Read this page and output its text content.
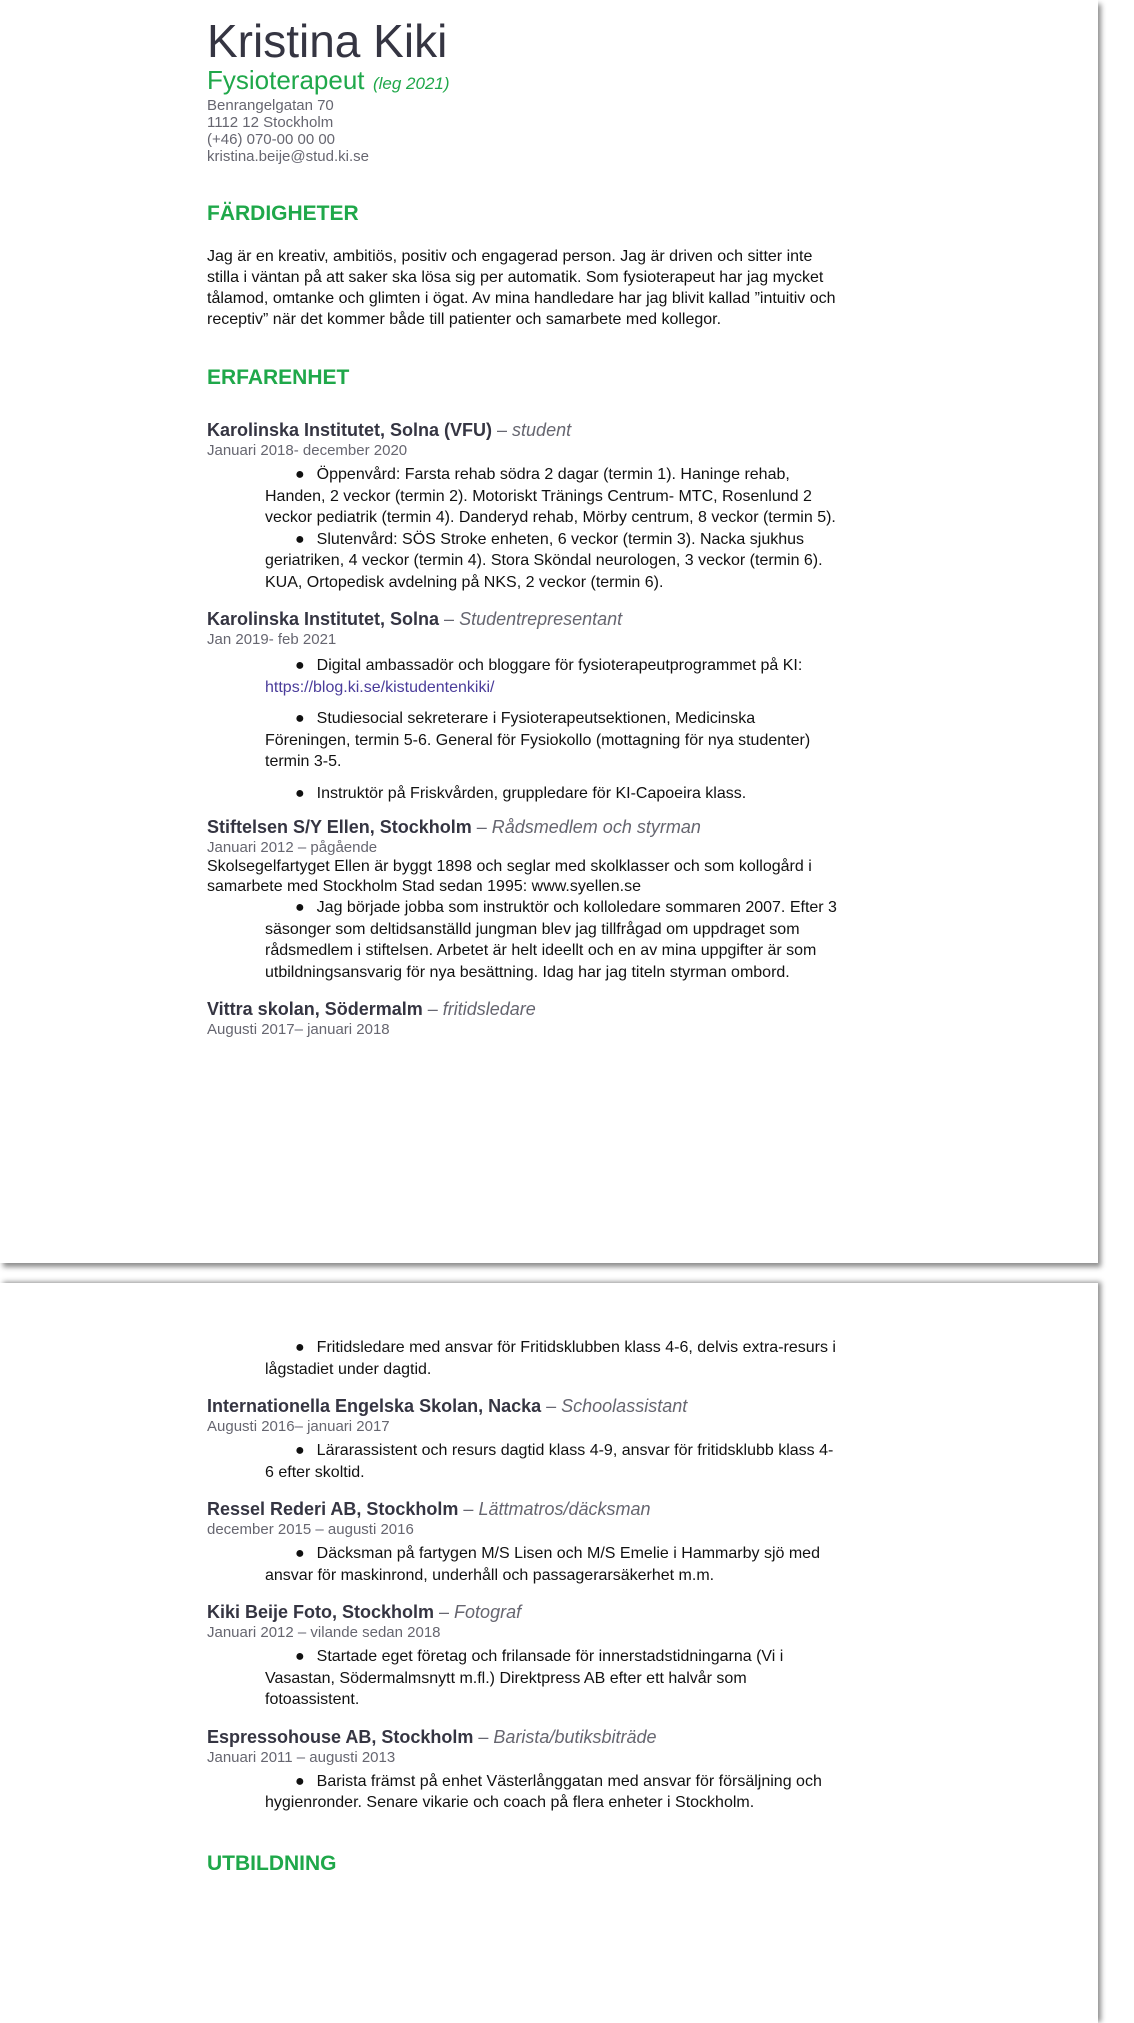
Kristina Kiki
Fysioterapeut (leg 2021)
Benrangelgatan 70
1112 12 Stockholm
(+46) 070-00 00 00
kristina.beije@stud.ki.se
FÄRDIGHETER

Jag är en kreativ, ambitiös, positiv och engagerad person. Jag är driven och sitter inte stilla i väntan på att saker ska lösa sig per automatik. Som fysioterapeut har jag mycket tålamod, omtanke och glimten i ögat. Av mina handledare har jag blivit kallad ”intuitiv och receptiv” när det kommer både till patienter och samarbete med kollegor.

ERFARENHET
Karolinska Institutet, Solna (VFU) – student
Januari 2018- december 2020
● Öppenvård: Farsta rehab södra 2 dagar (termin 1). Haninge rehab, Handen, 2 veckor (termin 2). Motoriskt Tränings Centrum- MTC, Rosenlund 2 veckor pediatrik (termin 4). Danderyd rehab, Mörby centrum, 8 veckor (termin 5).
● Slutenvård: SÖS Stroke enheten, 6 veckor (termin 3). Nacka sjukhus geriatriken, 4 veckor (termin 4). Stora Sköndal neurologen, 3 veckor (termin 6). KUA, Ortopedisk avdelning på NKS, 2 veckor (termin 6).
Karolinska Institutet, Solna – Studentrepresentant
Jan 2019- feb 2021
● Digital ambassadör och bloggare för fysioterapeutprogrammet på KI: https://blog.ki.se/kistudentenkiki/
● Studiesocial sekreterare i Fysioterapeutsektionen, Medicinska Föreningen, termin 5-6. General för Fysiokollo (mottagning för nya studenter) termin 3-5.
● Instruktör på Friskvården, gruppledare för KI-Capoeira klass.
Stiftelsen S/Y Ellen, Stockholm – Rådsmedlem och styrman
Januari 2012 – pågående

Skolsegelfartyget Ellen är byggt 1898 och seglar med skolklasser och som kollogård i samarbete med Stockholm Stad sedan 1995: www.syellen.se

● Jag började jobba som instruktör och kolloledare sommaren 2007. Efter 3 säsonger som deltidsanställd jungman blev jag tillfrågad om uppdraget som rådsmedlem i stiftelsen. Arbetet är helt ideellt och en av mina uppgifter är som utbildningsansvarig för nya besättning. Idag har jag titeln styrman ombord.
Vittra skolan, Södermalm – fritidsledare
Augusti 2017– januari 2018
● Fritidsledare med ansvar för Fritidsklubben klass 4-6, delvis extra-resurs i lågstadiet under dagtid.
Internationella Engelska Skolan, Nacka – Schoolassistant
Augusti 2016– januari 2017
● Lärarassistent och resurs dagtid klass 4-9, ansvar för fritidsklubb klass 4-6 efter skoltid.
Ressel Rederi AB, Stockholm – Lättmatros/däcksman
december 2015 – augusti 2016
● Däcksman på fartygen M/S Lisen och M/S Emelie i Hammarby sjö med ansvar för maskinrond, underhåll och passagerarsäkerhet m.m.
Kiki Beije Foto, Stockholm – Fotograf
Januari 2012 – vilande sedan 2018
● Startade eget företag och frilansade för innerstadstidningarna (Vi i Vasastan, Södermalmsnytt m.fl.) Direktpress AB efter ett halvår som fotoassistent.
Espressohouse AB, Stockholm – Barista/butiksbiträde
Januari 2011 – augusti 2013
● Barista främst på enhet Västerlånggatan med ansvar för försäljning och hygienronder. Senare vikarie och coach på flera enheter i Stockholm.
UTBILDNING
